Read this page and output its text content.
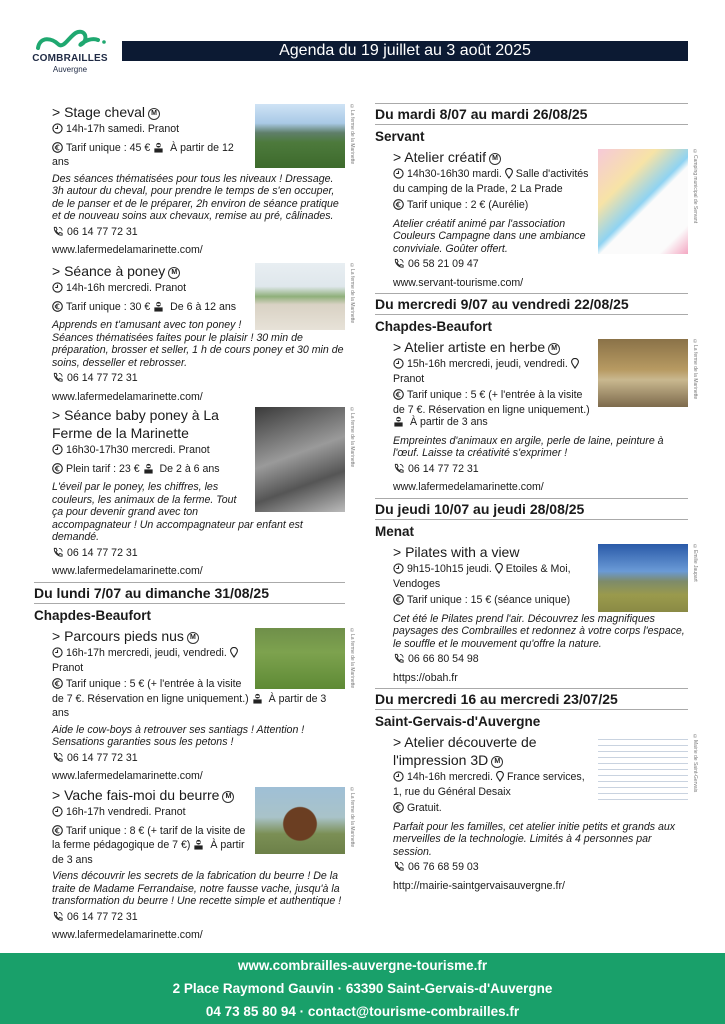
COMBRAILLES
Auvergne
Agenda du 19 juillet au 3 août 2025
©La ferme de la Marinette
> Stage cheval M
14h-17h samedi. Pranot
Tarif unique : 45 € À partir de 12 ans
Des séances thématisées pour tous les niveaux ! Dressage. 3h autour du cheval, pour prendre le temps de s'en occuper, de le panser et de le préparer, 2h environ de séance pratique et de nouveau soins aux chevaux, remise au pré, câlinades.
06 14 77 72 31
www.lafermedelamarinette.com/
©La ferme de la Marinette
> Séance à poney M
14h-16h mercredi. Pranot
Tarif unique : 30 € De 6 à 12 ans
Apprends en t'amusant avec ton poney ! Séances thématisées faites pour le plaisir ! 30 min de préparation, brosser et seller, 1 h de cours poney et 30 min de soins, desseller et rebrosser.
06 14 77 72 31
www.lafermedelamarinette.com/
©La ferme de la Marinette
> Séance baby poney à La Ferme de la Marinette
16h30-17h30 mercredi. Pranot
Plein tarif : 23 € De 2 à 6 ans
L'éveil par le poney, les chiffres, les couleurs, les animaux de la ferme. Tout ça pour devenir grand avec ton accompagnateur ! Un accompagnateur par enfant est demandé.
06 14 77 72 31
www.lafermedelamarinette.com/
Du lundi 7/07 au dimanche 31/08/25
Chapdes-Beaufort
©La ferme de la Marinette
> Parcours pieds nus M
16h-17h mercredi, jeudi, vendredi. Pranot
Tarif unique : 5 € (+ l'entrée à la visite de 7 €. Réservation en ligne uniquement.) À partir de 3 ans
Aide le cow-boys à retrouver ses santiags ! Attention ! Sensations garanties sous les petons !
06 14 77 72 31
www.lafermedelamarinette.com/
©La ferme de la Marinette
> Vache fais-moi du beurre M
16h-17h vendredi. Pranot
Tarif unique : 8 € (+ tarif de la visite de la ferme pédagogique de 7 €) À partir de 3 ans
Viens découvrir les secrets de la fabrication du beurre ! De la traite de Madame Ferrandaise, notre fausse vache, jusqu'à la transformation du beurre ! Une recette simple et authentique !
06 14 77 72 31
www.lafermedelamarinette.com/
Du mardi 8/07 au mardi 26/08/25
Servant
©Camping municipal de Servant
> Atelier créatif M
14h30-16h30 mardi. Salle d'activités du camping de la Prade, 2 La Prade
Tarif unique : 2 € (Aurélie)
Atelier créatif animé par l'association Couleurs Campagne dans une ambiance conviviale. Goûter offert.
06 58 21 09 47
www.servant-tourisme.com/
Du mercredi 9/07 au vendredi 22/08/25
Chapdes-Beaufort
©La ferme de la Marinette
> Atelier artiste en herbe M
15h-16h mercredi, jeudi, vendredi. Pranot
Tarif unique : 5 € (+ l'entrée à la visite de 7 €. Réservation en ligne uniquement.)  À partir de 3 ans
Empreintes d'animaux en argile, perle de laine, peinture à l'œuf. Laisse ta créativité s'exprimer !
06 14 77 72 31
www.lafermedelamarinette.com/
Du jeudi 10/07 au jeudi 28/08/25
Menat
©Emilie Jaupart
> Pilates with a view
9h15-10h15 jeudi. Etoiles & Moi, Vendoges
Tarif unique : 15 € (séance unique)
Cet été le Pilates prend l'air. Découvrez les magnifiques paysages des Combrailles et redonnez à votre corps l'espace, le souffle et le mouvement qu'offre la nature.
06 66 80 54 98
https://obah.fr
Du mercredi 16 au mercredi 23/07/25
Saint-Gervais-d'Auvergne
©Mairie de Saint-Gervais
> Atelier découverte de l'impression 3D M
14h-16h mercredi. France services, 1, rue du Général Desaix
Gratuit.
Parfait pour les familles, cet atelier initie petits et grands aux merveilles de la technologie. Limités à 4 personnes par session.
06 76 68 59 03
http://mairie-saintgervaisauvergne.fr/
www.combrailles-auvergne-tourisme.fr
2 Place Raymond Gauvin · 63390 Saint-Gervais-d'Auvergne
04 73 85 80 94 · contact@tourisme-combrailles.fr
